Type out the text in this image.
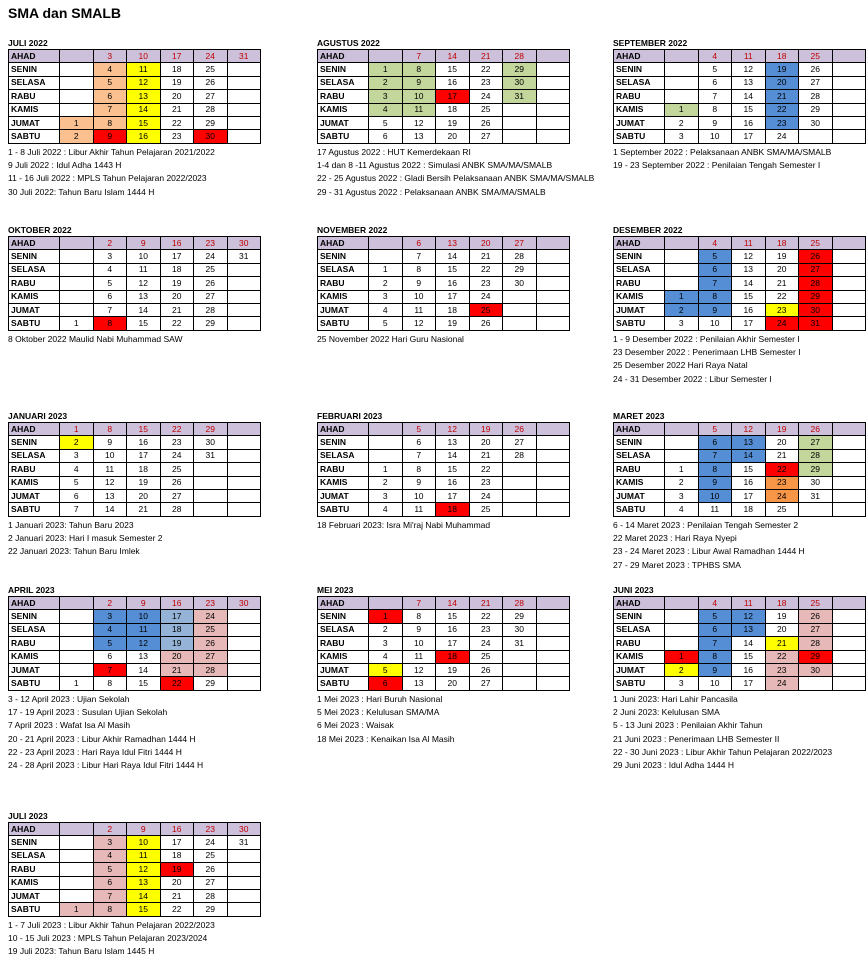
SMA dan SMALB
JULI 2022
AHAD		3	10	17	24	31
SENIN		4	11	18	25	
SELASA		5	12	19	26	
RABU		6	13	20	27	
KAMIS		7	14	21	28	
JUMAT	1	8	15	22	29	
SABTU	2	9	16	23	30	
1 - 8 Juli 2022 : Libur Akhir Tahun Pelajaran 2021/2022
9 Juli 2022 : Idul Adha 1443 H
11 - 16 Juli 2022 : MPLS Tahun Pelajaran 2022/2023
30 Juli 2022: Tahun Baru Islam 1444 H
AGUSTUS 2022
AHAD		7	14	21	28	
SENIN	1	8	15	22	29	
SELASA	2	9	16	23	30	
RABU	3	10	17	24	31	
KAMIS	4	11	18	25		
JUMAT	5	12	19	26		
SABTU	6	13	20	27		
17 Agustus 2022 : HUT Kemerdekaan RI
1-4 dan 8 -11 Agustus 2022 : Simulasi ANBK SMA/MA/SMALB
22 - 25 Agustus 2022 : Gladi Bersih Pelaksanaan ANBK SMA/MA/SMALB
29 - 31 Agustus 2022 : Pelaksanaan ANBK SMA/MA/SMALB
SEPTEMBER 2022
AHAD		4	11	18	25	
SENIN		5	12	19	26	
SELASA		6	13	20	27	
RABU		7	14	21	28	
KAMIS	1	8	15	22	29	
JUMAT	2	9	16	23	30	
SABTU	3	10	17	24		
1 September 2022 : Pelaksanaan ANBK SMA/MA/SMALB
19 - 23 September 2022 : Penilaian Tengah Semester I
OKTOBER 2022
AHAD		2	9	16	23	30
SENIN		3	10	17	24	31
SELASA		4	11	18	25	
RABU		5	12	19	26	
KAMIS		6	13	20	27	
JUMAT		7	14	21	28	
SABTU	1	8	15	22	29	
8 Oktober 2022 Maulid Nabi Muhammad SAW
NOVEMBER 2022
AHAD		6	13	20	27	
SENIN		7	14	21	28	
SELASA	1	8	15	22	29	
RABU	2	9	16	23	30	
KAMIS	3	10	17	24		
JUMAT	4	11	18	25		
SABTU	5	12	19	26		
25 November 2022 Hari Guru Nasional
DESEMBER 2022
AHAD		4	11	18	25	
SENIN		5	12	19	26	
SELASA		6	13	20	27	
RABU		7	14	21	28	
KAMIS	1	8	15	22	29	
JUMAT	2	9	16	23	30	
SABTU	3	10	17	24	31	
1 - 9 Desember 2022 : Penilaian Akhir Semester I
23 Desember 2022 : Penerimaan LHB Semester I
25 Desember 2022 Hari Raya Natal
24 - 31 Desember 2022 : Libur Semester I
JANUARI 2023
AHAD	1	8	15	22	29	
SENIN	2	9	16	23	30	
SELASA	3	10	17	24	31	
RABU	4	11	18	25		
KAMIS	5	12	19	26		
JUMAT	6	13	20	27		
SABTU	7	14	21	28		
1 Januari 2023: Tahun Baru 2023
2 Januari 2023: Hari I masuk Semester 2
22 Januari 2023: Tahun Baru Imlek
FEBRUARI 2023
AHAD		5	12	19	26	
SENIN		6	13	20	27	
SELASA		7	14	21	28	
RABU	1	8	15	22		
KAMIS	2	9	16	23		
JUMAT	3	10	17	24		
SABTU	4	11	18	25		
18 Februari 2023: Isra Mi'raj Nabi Muhammad
MARET 2023
AHAD		5	12	19	26	
SENIN		6	13	20	27	
SELASA		7	14	21	28	
RABU	1	8	15	22	29	
KAMIS	2	9	16	23	30	
JUMAT	3	10	17	24	31	
SABTU	4	11	18	25		
6 - 14 Maret 2023 : Penilaian Tengah Semester 2
22 Maret 2023 : Hari Raya Nyepi
23 - 24 Maret 2023 : Libur Awal Ramadhan 1444 H
27 - 29 Maret 2023 : TPHBS SMA
APRIL 2023
AHAD		2	9	16	23	30
SENIN		3	10	17	24	
SELASA		4	11	18	25	
RABU		5	12	19	26	
KAMIS		6	13	20	27	
JUMAT		7	14	21	28	
SABTU	1	8	15	22	29	
3 - 12 April 2023 : Ujian Sekolah
17 - 19 April 2023 : Susulan Ujian Sekolah
7 April 2023 : Wafat Isa Al Masih
20 - 21 April 2023 : Libur Akhir Ramadhan 1444 H
22 - 23 April 2023 : Hari Raya Idul Fitri 1444 H
24 - 28 April 2023 : Libur Hari Raya Idul Fitri 1444 H
MEI 2023
AHAD		7	14	21	28	
SENIN	1	8	15	22	29	
SELASA	2	9	16	23	30	
RABU	3	10	17	24	31	
KAMIS	4	11	18	25		
JUMAT	5	12	19	26		
SABTU	6	13	20	27		
1 Mei 2023 : Hari Buruh Nasional
5 Mei 2023 : Kelulusan SMA/MA
6 Mei 2023 : Waisak
18 Mei 2023 : Kenaikan Isa Al Masih
JUNI 2023
AHAD		4	11	18	25	
SENIN		5	12	19	26	
SELASA		6	13	20	27	
RABU		7	14	21	28	
KAMIS	1	8	15	22	29	
JUMAT	2	9	16	23	30	
SABTU	3	10	17	24		
1 Juni 2023: Hari Lahir Pancasila
2 Juni 2023: Kelulusan SMA
5 - 13 Juni 2023 : Penilaian Akhir Tahun
21 Juni 2023 : Penerimaan LHB Semester II
22 - 30 Juni 2023 : Libur Akhir Tahun Pelajaran 2022/2023
29 Juni 2023 : Idul Adha 1444 H
JULI 2023
AHAD		2	9	16	23	30
SENIN		3	10	17	24	31
SELASA		4	11	18	25	
RABU		5	12	19	26	
KAMIS		6	13	20	27	
JUMAT		7	14	21	28	
SABTU	1	8	15	22	29	
1 - 7 Juli 2023 : Libur Akhir Tahun Pelajaran 2022/2023
10 - 15 Juli 2023 : MPLS Tahun Pelajaran 2023/2024
19 Juli 2023: Tahun Baru Islam 1445 H
